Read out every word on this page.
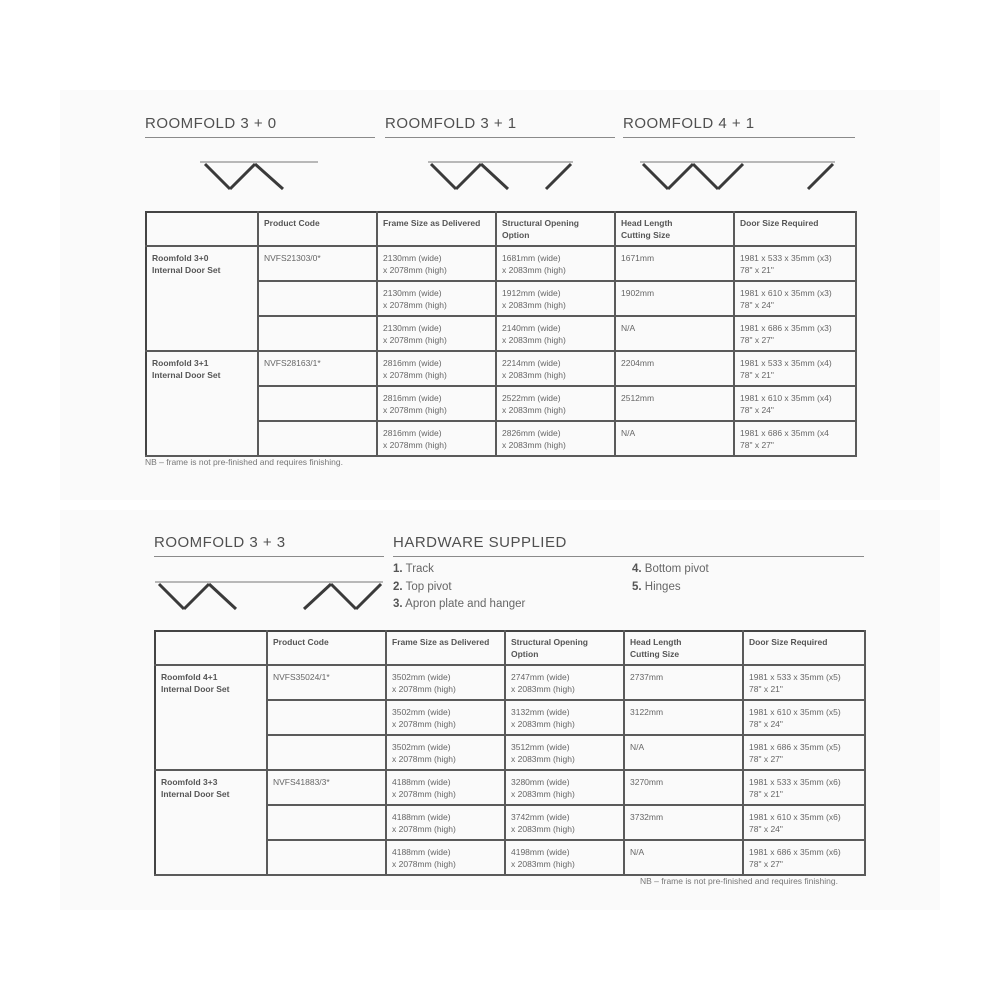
ROOMFOLD 3 + 0	ROOMFOLD 3 + 1	ROOMFOLD 4 + 1
	Product Code	Frame Size as Delivered	Structural Opening
Option	Head Length
Cutting Size	Door Size Required

Roomfold 3+0
Internal Door Set	NVFS21303/0*	2130mm (wide)
x 2078mm (high)	1681mm (wide)
x 2083mm (high)	1671mm	1981 x 533 x 35mm (x3)
78" x 21"

		2130mm (wide)
x 2078mm (high)	1912mm (wide)
x 2083mm (high)	1902mm	1981 x 610 x 35mm (x3)
78" x 24"

		2130mm (wide)
x 2078mm (high)	2140mm (wide)
x 2083mm (high)	N/A	1981 x 686 x 35mm (x3)
78" x 27"

Roomfold 3+1
Internal Door Set	NVFS28163/1*	2816mm (wide)
x 2078mm (high)	2214mm (wide)
x 2083mm (high)	2204mm	1981 x 533 x 35mm (x4)
78" x 21"

		2816mm (wide)
x 2078mm (high)	2522mm (wide)
x 2083mm (high)	2512mm	1981 x 610 x 35mm (x4)
78" x 24"

		2816mm (wide)
x 2078mm (high)	2826mm (wide)
x 2083mm (high)	N/A	1981 x 686 x 35mm (x4
78" x 27"
NB – frame is not pre-finished and requires finishing.
ROOMFOLD 3 + 3	HARDWARE SUPPLIED
1. Track
2. Top pivot
3. Apron plate and hanger
4. Bottom pivot
5. Hinges
	Product Code	Frame Size as Delivered	Structural Opening
Option	Head Length
Cutting Size	Door Size Required

Roomfold 4+1
Internal Door Set	NVFS35024/1*	3502mm (wide)
x 2078mm (high)	2747mm (wide)
x 2083mm (high)	2737mm	1981 x 533 x 35mm (x5)
78" x 21"

		3502mm (wide)
x 2078mm (high)	3132mm (wide)
x 2083mm (high)	3122mm	1981 x 610 x 35mm (x5)
78" x 24"

		3502mm (wide)
x 2078mm (high)	3512mm (wide)
x 2083mm (high)	N/A	1981 x 686 x 35mm (x5)
78" x 27"

Roomfold 3+3
Internal Door Set	NVFS41883/3*	4188mm (wide)
x 2078mm (high)	3280mm (wide)
x 2083mm (high)	3270mm	1981 x 533 x 35mm (x6)
78" x 21"

		4188mm (wide)
x 2078mm (high)	3742mm (wide)
x 2083mm (high)	3732mm	1981 x 610 x 35mm (x6)
78" x 24"

		4188mm (wide)
x 2078mm (high)	4198mm (wide)
x 2083mm (high)	N/A	1981 x 686 x 35mm (x6)
78" x 27"
NB – frame is not pre-finished and requires finishing.
